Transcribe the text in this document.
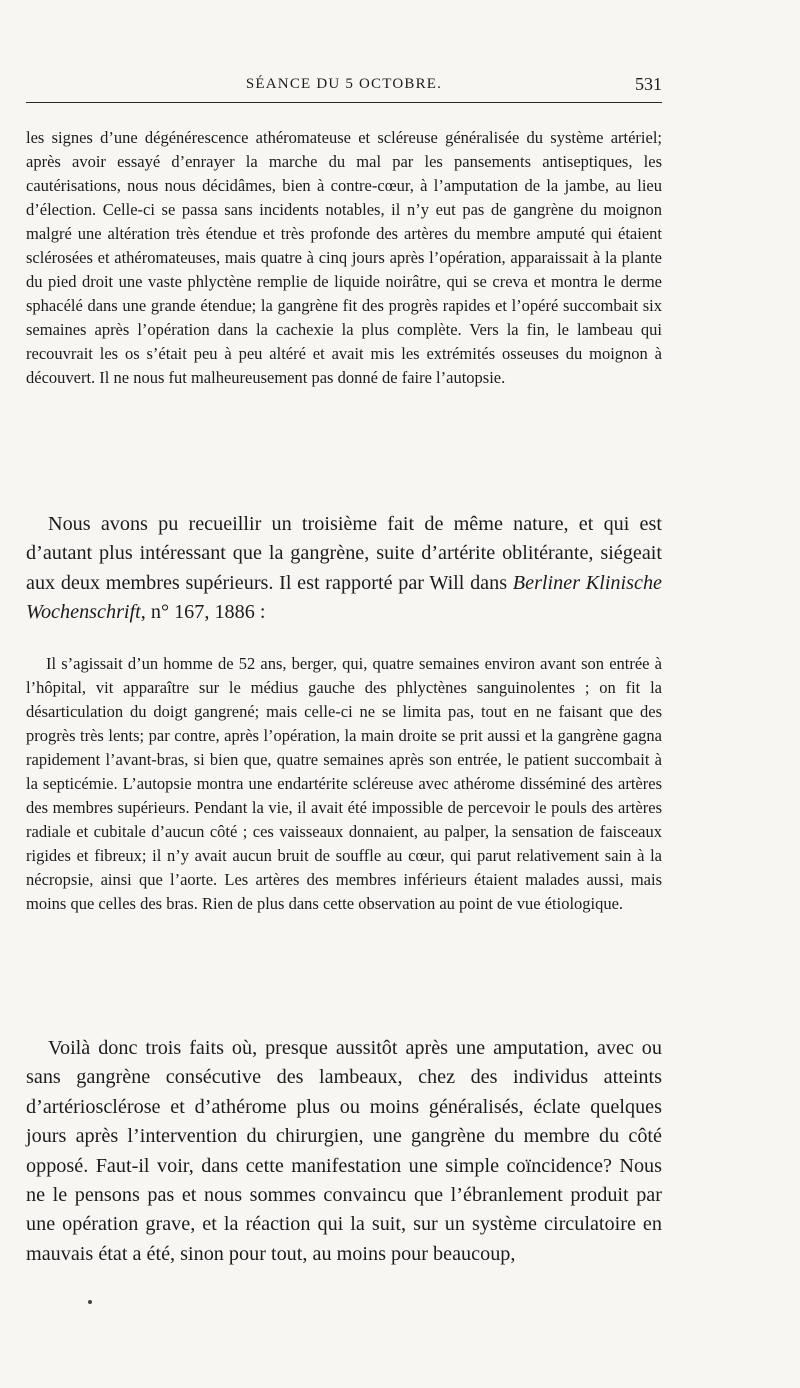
SÉANCE DU 5 OCTOBRE.	531

les signes d’une dégénérescence athéromateuse et scléreuse généralisée du système artériel; après avoir essayé d’enrayer la marche du mal par les pansements antiseptiques, les cautérisations, nous nous décidâmes, bien à contre-cœur, à l’amputation de la jambe, au lieu d’élection. Celle-ci se passa sans incidents notables, il n’y eut pas de gangrène du moignon malgré une altération très étendue et très profonde des artères du membre amputé qui étaient sclérosées et athéromateuses, mais quatre à cinq jours après l’opération, apparaissait à la plante du pied droit une vaste phlyctène remplie de liquide noirâtre, qui se creva et montra le derme sphacélé dans une grande étendue; la gangrène fit des progrès rapides et l’opéré succombait six semaines après l’opération dans la cachexie la plus complète. Vers la fin, le lambeau qui recouvrait les os s’était peu à peu altéré et avait mis les extrémités osseuses du moignon à découvert. Il ne nous fut malheureusement pas donné de faire l’autopsie.

Nous avons pu recueillir un troisième fait de même nature, et qui est d’autant plus intéressant que la gangrène, suite d’artérite oblitérante, siégeait aux deux membres supérieurs. Il est rapporté par Will dans Berliner Klinische Wochenschrift, n° 167, 1886 :

Il s’agissait d’un homme de 52 ans, berger, qui, quatre semaines environ avant son entrée à l’hôpital, vit apparaître sur le médius gauche des phlyctènes sanguinolentes ; on fit la désarticulation du doigt gangrené; mais celle-ci ne se limita pas, tout en ne faisant que des progrès très lents; par contre, après l’opération, la main droite se prit aussi et la gangrène gagna rapidement l’avant-bras, si bien que, quatre semaines après son entrée, le patient succombait à la septicémie. L’autopsie montra une endartérite scléreuse avec athérome disséminé des artères des membres supérieurs. Pendant la vie, il avait été impossible de percevoir le pouls des artères radiale et cubitale d’aucun côté ; ces vaisseaux donnaient, au palper, la sensation de faisceaux rigides et fibreux; il n’y avait aucun bruit de souffle au cœur, qui parut relativement sain à la nécropsie, ainsi que l’aorte. Les artères des membres inférieurs étaient malades aussi, mais moins que celles des bras. Rien de plus dans cette observation au point de vue étiologique.

Voilà donc trois faits où, presque aussitôt après une amputation, avec ou sans gangrène consécutive des lambeaux, chez des individus atteints d’artériosclérose et d’athérome plus ou moins généralisés, éclate quelques jours après l’intervention du chirurgien, une gangrène du membre du côté opposé. Faut-il voir, dans cette manifestation une simple coïncidence? Nous ne le pensons pas et nous sommes convaincu que l’ébranlement produit par une opération grave, et la réaction qui la suit, sur un système circulatoire en mauvais état a été, sinon pour tout, au moins pour beaucoup,
